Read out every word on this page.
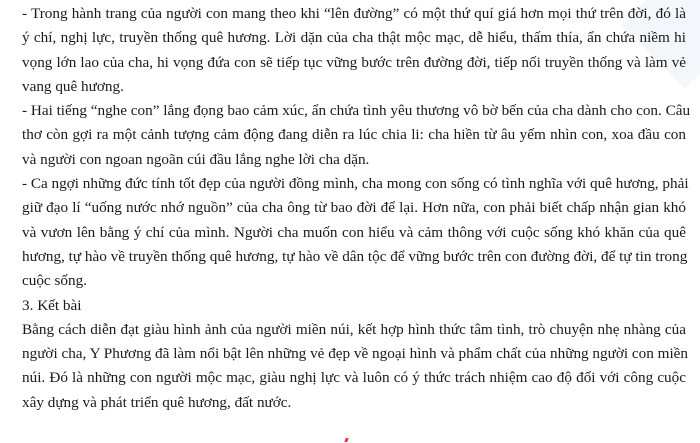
- Trong hành trang của người con mang theo khi “lên đường” có một thứ quí giá hơn mọi thứ trên đời, đó là
ý chí, nghị lực, truyền thống quê hương. Lời dặn của cha thật mộc mạc, dễ hiểu, thấm thía, ẩn chứa niềm hi
vọng lớn lao của cha, hi vọng đứa con sẽ tiếp tục vững bước trên đường đời, tiếp nối truyền thống và làm vẻ
vang quê hương.
- Hai tiếng “nghe con” lắng đọng bao cảm xúc, ẩn chứa tình yêu thương vô bờ bến của cha dành cho con. Câu
thơ còn gợi ra một cảnh tượng cảm động đang diễn ra lúc chia li: cha hiền từ âu yếm nhìn con, xoa đầu con
và người con ngoan ngoãn cúi đầu lắng nghe lời cha dặn.
- Ca ngợi những đức tính tốt đẹp của người đồng mình, cha mong con sống có tình nghĩa với quê hương, phải
giữ đạo lí “uống nước nhớ nguồn” của cha ông từ bao đời để lại. Hơn nữa, con phải biết chấp nhận gian khó
và vươn lên bằng ý chí của mình. Người cha muốn con hiểu và cảm thông với cuộc sống khó khăn của quê
hương, tự hào về truyền thống quê hương, tự hào về dân tộc để vững bước trên con đường đời, để tự tin trong
cuộc sống.
3. Kết bài
Bằng cách diễn đạt giàu hình ảnh của người miền núi, kết hợp hình thức tâm tình, trò chuyện nhẹ nhàng của
người cha, Y Phương đã làm nổi bật lên những vẻ đẹp về ngoại hình và phẩm chất của những người con miền
núi. Đó là những con người mộc mạc, giàu nghị lực và luôn có ý thức trách nhiệm cao độ đối với công cuộc
xây dựng và phát triển quê hương, đất nước.
